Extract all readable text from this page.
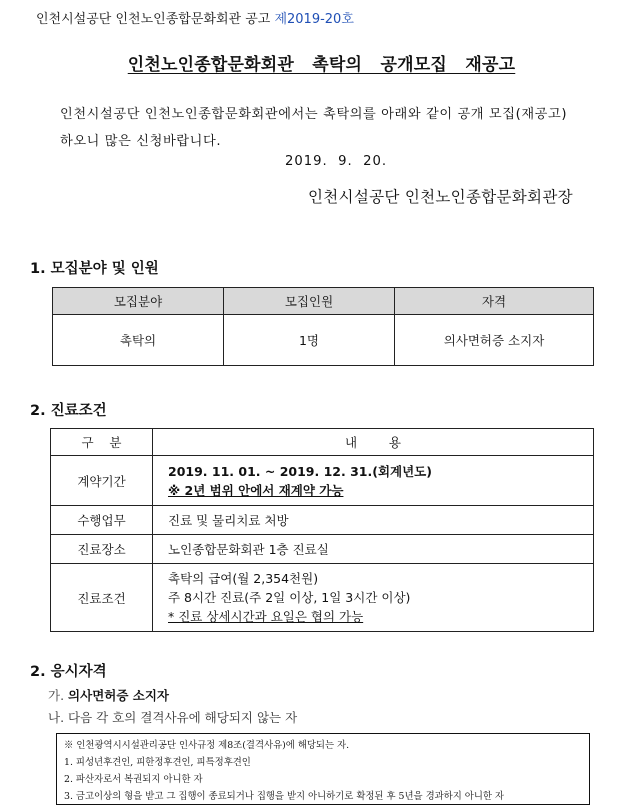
인천시설공단 인천노인종합문화회관 공고 제2019-20호
인천노인종합문화회관   촉탁의   공개모집   재공고
인천시설공단 인천노인종합문화회관에서는 촉탁의를 아래와 같이 공개 모집(재공고)
하오니 많은 신청바랍니다.
2019.  9.  20.
인천시설공단 인천노인종합문화회관장
1. 모집분야 및 인원
모집분야	모집인원	자격
촉탁의	1명	의사면허증 소지자
2. 진료조건
구    분	내        용
계약기간	2019. 11. 01. ~ 2019. 12. 31.(회계년도)
※ 2년 범위 안에서 재계약 가능
수행업무	진료 및 물리치료 처방
진료장소	노인종합문화회관 1층 진료실
진료조건	촉탁의 급여(월 2,354천원)
주 8시간 진료(주 2일 이상, 1일 3시간 이상)
* 진료 상세시간과 요일은 협의 가능
2. 응시자격
가. 의사면허증 소지자
나. 다음 각 호의 결격사유에 해당되지 않는 자
※ 인천광역시시설관리공단 인사규정 제8조(결격사유)에 해당되는 자.
1. 피성년후견인, 피한정후견인, 피특정후견인
2. 파산자로서 복권되지 아니한 자
3. 금고이상의 형을 받고 그 집행이 종료되거나 집행을 받지 아니하기로 확정된 후 5년을 경과하지 아니한 자
